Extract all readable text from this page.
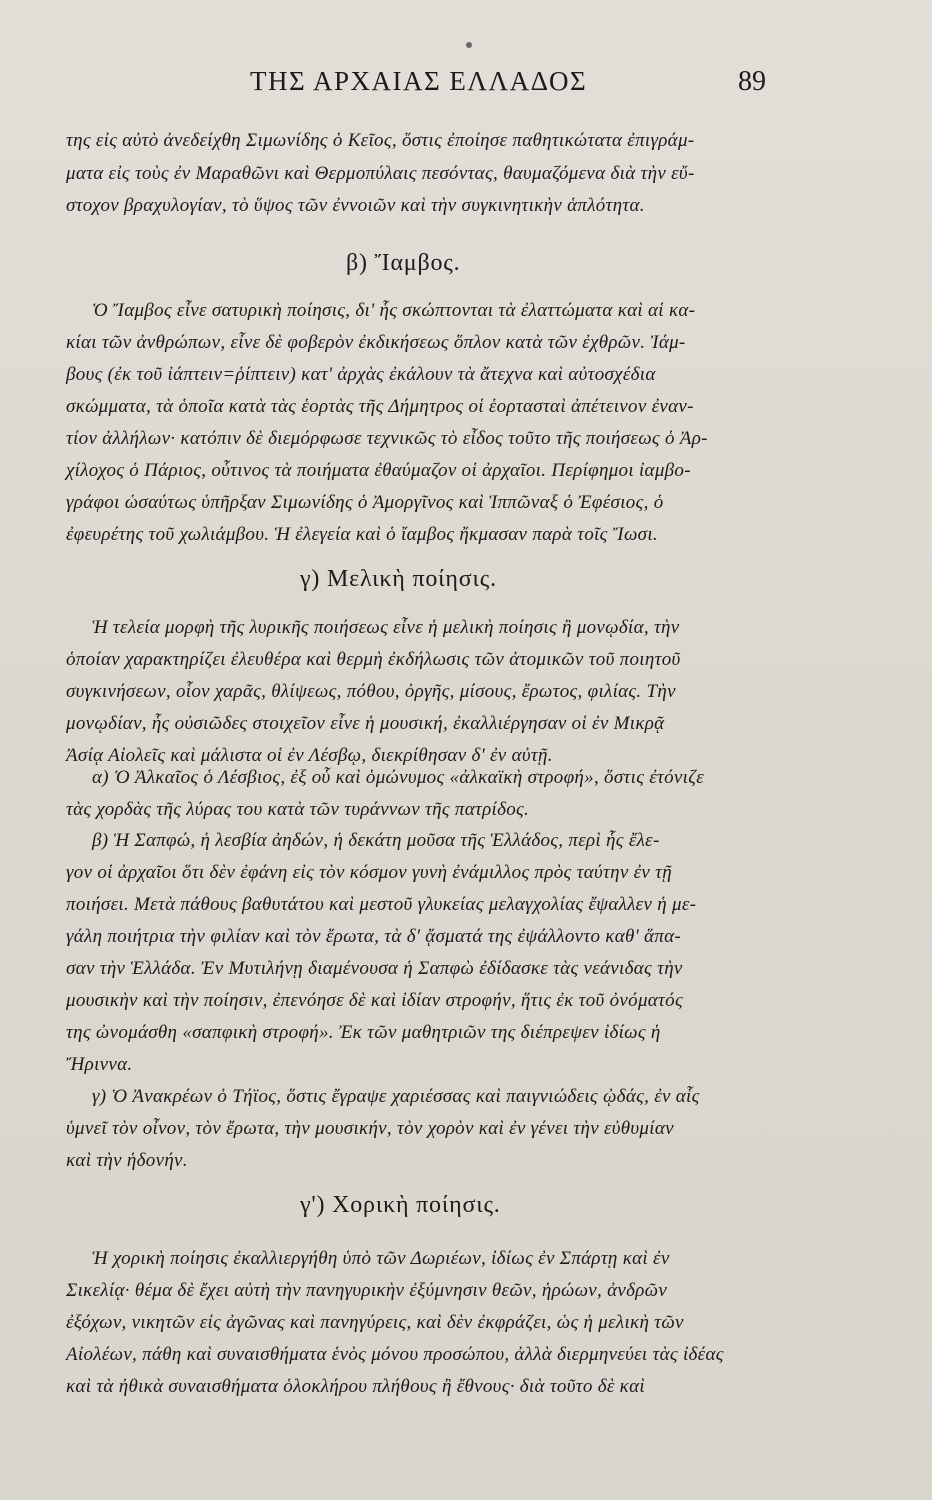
ΤΗΣ ΑΡΧΑΙΑΣ ΕΛΛΑΔΟΣ	89
της εἰς αὐτὸ ἀνεδείχθη Σιμωνίδης ὁ Κεῖος, ὅστις ἐποίησε παθητικώτατα ἐπιγράμ-
ματα εἰς τοὺς ἐν Μαραθῶνι καὶ Θερμοπύλαις πεσόντας, θαυμαζόμενα διὰ τὴν εὔ-
στοχον βραχυλογίαν, τὸ ὕψος τῶν ἐννοιῶν καὶ τὴν συγκινητικὴν ἁπλότητα.
β) Ἴαμβος.
Ὁ Ἴαμβος εἶνε σατυρικὴ ποίησις, δι' ἧς σκώπτονται τὰ ἐλαττώματα καὶ αἱ κα-
κίαι τῶν ἀνθρώπων, εἶνε δὲ φοβερὸν ἐκδικήσεως ὅπλον κατὰ τῶν ἐχθρῶν. Ἰάμ-
βους (ἐκ τοῦ ἰάπτειν=ῥίπτειν) κατ' ἀρχὰς ἐκάλουν τὰ ἄτεχνα καὶ αὐτοσχέδια
σκώμματα, τὰ ὁποῖα κατὰ τὰς ἑορτὰς τῆς Δήμητρος οἱ ἑορτασταὶ ἀπέτεινον ἐναν-
τίον ἀλλήλων· κατόπιν δὲ διεμόρφωσε τεχνικῶς τὸ εἶδος τοῦτο τῆς ποιήσεως ὁ Ἀρ-
χίλοχος ὁ Πάριος, οὗτινος τὰ ποιήματα ἐθαύμαζον οἱ ἀρχαῖοι. Περίφημοι ἰαμβο-
γράφοι ὡσαύτως ὑπῆρξαν Σιμωνίδης ὁ Ἀμοργῖνος καὶ Ἱππῶναξ ὁ Ἐφέσιος, ὁ
ἐφευρέτης τοῦ χωλιάμβου. Ἡ ἐλεγεία καὶ ὁ ἴαμβος ἤκμασαν παρὰ τοῖς Ἴωσι.
γ) Μελικὴ ποίησις.
Ἡ τελεία μορφὴ τῆς λυρικῆς ποιήσεως εἶνε ἡ μελικὴ ποίησις ἢ μονῳδία, τὴν
ὁποίαν χαρακτηρίζει ἐλευθέρα καὶ θερμὴ ἐκδήλωσις τῶν ἀτομικῶν τοῦ ποιητοῦ
συγκινήσεων, οἷον χαρᾶς, θλίψεως, πόθου, ὀργῆς, μίσους, ἔρωτος, φιλίας. Τὴν
μονῳδίαν, ἧς οὐσιῶδες στοιχεῖον εἶνε ἡ μουσική, ἐκαλλιέργησαν οἱ ἐν Μικρᾷ
Ἀσίᾳ Αἰολεῖς καὶ μάλιστα οἱ ἐν Λέσβῳ, διεκρίθησαν δ' ἐν αὐτῇ.
α) Ὁ Ἀλκαῖος ὁ Λέσβιος, ἐξ οὗ καὶ ὁμώνυμος «ἀλκαϊκὴ στροφή», ὅστις ἐτόνιζε
τὰς χορδὰς τῆς λύρας του κατὰ τῶν τυράννων τῆς πατρίδος.
β) Ἡ Σαπφώ, ἡ λεσβία ἀηδών, ἡ δεκάτη μοῦσα τῆς Ἑλλάδος, περὶ ἧς ἔλε-
γον οἱ ἀρχαῖοι ὅτι δὲν ἐφάνη εἰς τὸν κόσμον γυνὴ ἐνάμιλλος πρὸς ταύτην ἐν τῇ
ποιήσει. Μετὰ πάθους βαθυτάτου καὶ μεστοῦ γλυκείας μελαγχολίας ἔψαλλεν ἡ με-
γάλη ποιήτρια τὴν φιλίαν καὶ τὸν ἔρωτα, τὰ δ' ᾄσματά της ἐψάλλοντο καθ' ἅπα-
σαν τὴν Ἑλλάδα. Ἐν Μυτιλήνῃ διαμένουσα ἡ Σαπφὼ ἐδίδασκε τὰς νεάνιδας τὴν
μουσικὴν καὶ τὴν ποίησιν, ἐπενόησε δὲ καὶ ἰδίαν στροφήν, ἥτις ἐκ τοῦ ὀνόματός
της ὠνομάσθη «σαπφικὴ στροφή». Ἐκ τῶν μαθητριῶν της διέπρεψεν ἰδίως ἡ
Ἤριννα.
γ) Ὁ Ἀνακρέων ὁ Τήϊος, ὅστις ἔγραψε χαριέσσας καὶ παιγνιώδεις ᾠδάς, ἐν αἷς
ὑμνεῖ τὸν οἶνον, τὸν ἔρωτα, τὴν μουσικήν, τὸν χορὸν καὶ ἐν γένει τὴν εὐθυμίαν
καὶ τὴν ἡδονήν.
γ') Χορικὴ ποίησις.
Ἡ χορικὴ ποίησις ἐκαλλιεργήθη ὑπὸ τῶν Δωριέων, ἰδίως ἐν Σπάρτῃ καὶ ἐν
Σικελίᾳ· θέμα δὲ ἔχει αὐτὴ τὴν πανηγυρικὴν ἐξύμνησιν θεῶν, ἡρώων, ἀνδρῶν
ἐξόχων, νικητῶν εἰς ἀγῶνας καὶ πανηγύρεις, καὶ δὲν ἐκφράζει, ὡς ἡ μελικὴ τῶν
Αἰολέων, πάθη καὶ συναισθήματα ἑνὸς μόνου προσώπου, ἀλλὰ διερμηνεύει τὰς ἰδέας
καὶ τὰ ἠθικὰ συναισθήματα ὁλοκλήρου πλήθους ἢ ἔθνους· διὰ τοῦτο δὲ καὶ
